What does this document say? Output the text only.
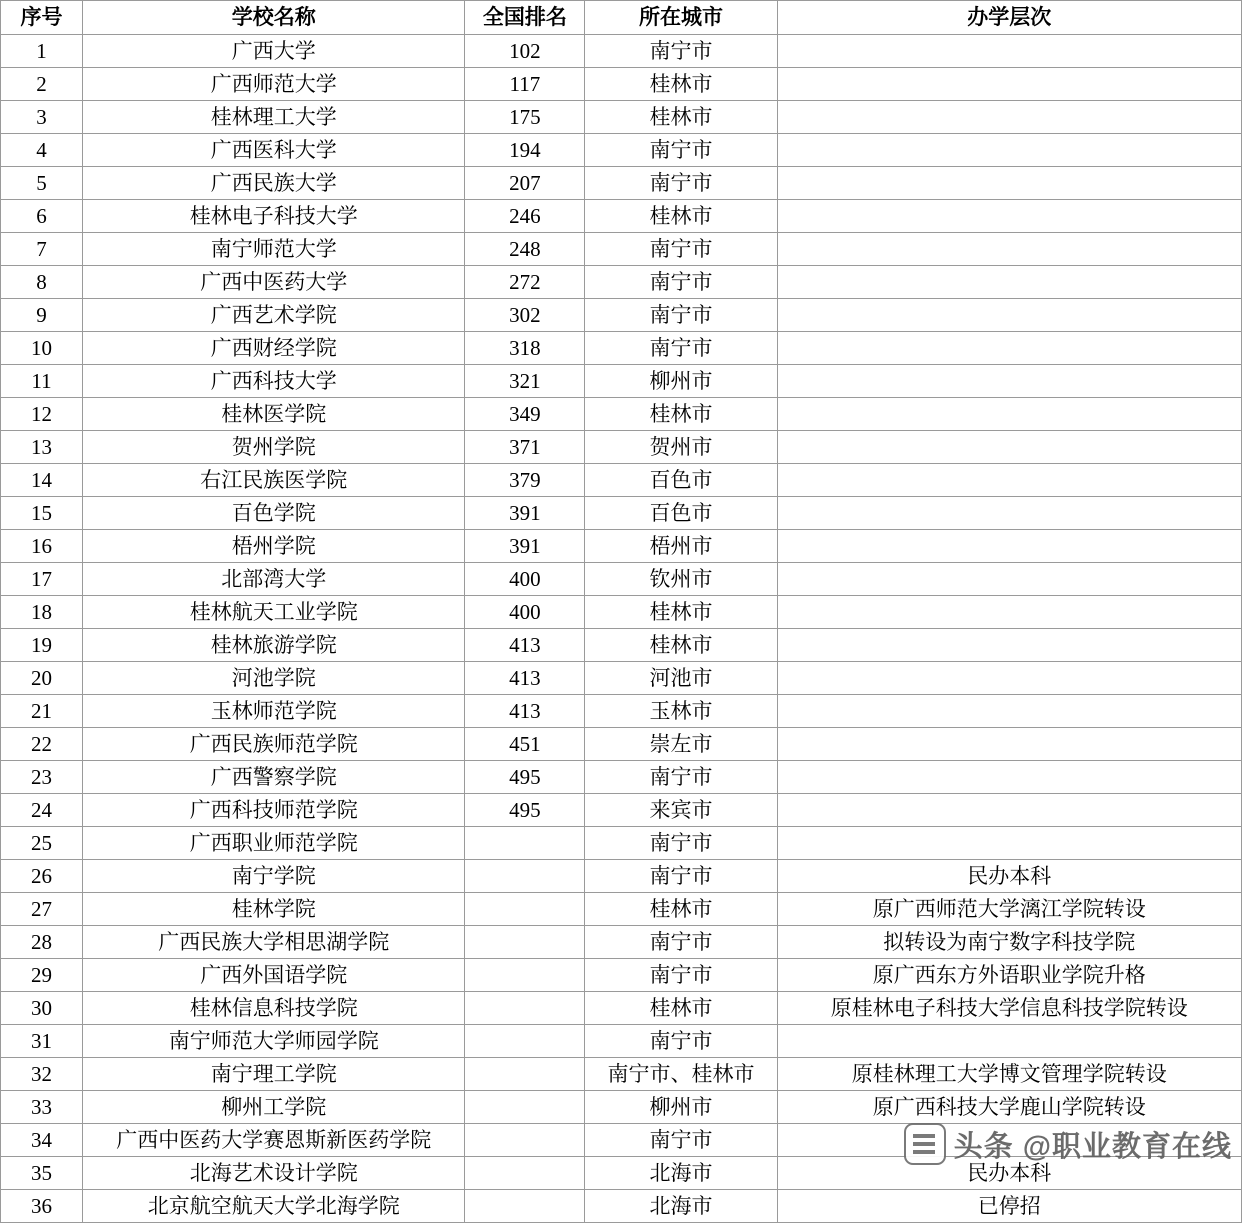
序号	学校名称	全国排名	所在城市	办学层次
1	广西大学	102	南宁市	
2	广西师范大学	117	桂林市	
3	桂林理工大学	175	桂林市	
4	广西医科大学	194	南宁市	
5	广西民族大学	207	南宁市	
6	桂林电子科技大学	246	桂林市	
7	南宁师范大学	248	南宁市	
8	广西中医药大学	272	南宁市	
9	广西艺术学院	302	南宁市	
10	广西财经学院	318	南宁市	
11	广西科技大学	321	柳州市	
12	桂林医学院	349	桂林市	
13	贺州学院	371	贺州市	
14	右江民族医学院	379	百色市	
15	百色学院	391	百色市	
16	梧州学院	391	梧州市	
17	北部湾大学	400	钦州市	
18	桂林航天工业学院	400	桂林市	
19	桂林旅游学院	413	桂林市	
20	河池学院	413	河池市	
21	玉林师范学院	413	玉林市	
22	广西民族师范学院	451	崇左市	
23	广西警察学院	495	南宁市	
24	广西科技师范学院	495	来宾市	
25	广西职业师范学院		南宁市	
26	南宁学院		南宁市	民办本科
27	桂林学院		桂林市	原广西师范大学漓江学院转设
28	广西民族大学相思湖学院		南宁市	拟转设为南宁数字科技学院
29	广西外国语学院		南宁市	原广西东方外语职业学院升格
30	桂林信息科技学院		桂林市	原桂林电子科技大学信息科技学院转设
31	南宁师范大学师园学院		南宁市	
32	南宁理工学院		南宁市、桂林市	原桂林理工大学博文管理学院转设
33	柳州工学院		柳州市	原广西科技大学鹿山学院转设
34	广西中医药大学赛恩斯新医药学院		南宁市	
35	北海艺术设计学院		北海市	民办本科
36	北京航空航天大学北海学院		北海市	已停招
头条 @职业教育在线
